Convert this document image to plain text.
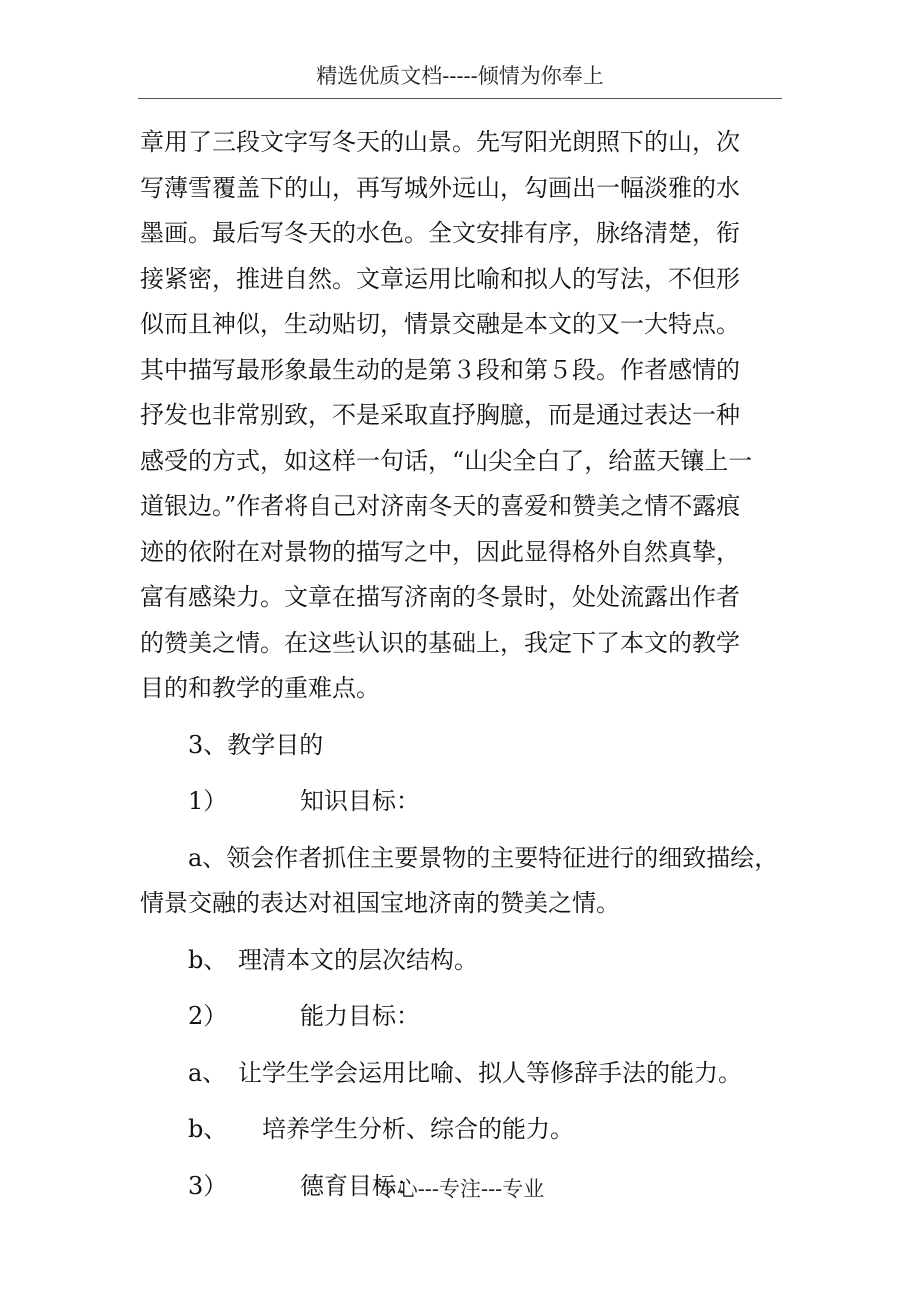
精选优质文档-----倾情为你奉上
章用了三段文字写冬天的山景。先写阳光朗照下的山，次
写薄雪覆盖下的山，再写城外远山，勾画出一幅淡雅的水
墨画。最后写冬天的水色。全文安排有序，脉络清楚，衔
接紧密，推进自然。文章运用比喻和拟人的写法，不但形
似而且神似，生动贴切，情景交融是本文的又一大特点。
其中描写最形象最生动的是第３段和第５段。作者感情的
抒发也非常别致，不是采取直抒胸臆，而是通过表达一种
感受的方式，如这样一句话，“山尖全白了，给蓝天镶上一
道银边。”作者将自己对济南冬天的喜爱和赞美之情不露痕
迹的依附在对景物的描写之中，因此显得格外自然真挚，
富有感染力。文章在描写济南的冬景时，处处流露出作者
的赞美之情。在这些认识的基础上，我定下了本文的教学
目的和教学的重难点。
3、教学目的
1）	知识目标：
a、领会作者抓住主要景物的主要特征进行的细致描绘，
情景交融的表达对祖国宝地济南的赞美之情。
b、 理清本文的层次结构。
2）	能力目标：
a、 让学生学会运用比喻、拟人等修辞手法的能力。
b、 培养学生分析、综合的能力。
3）	德育目标：
专心---专注---专业
